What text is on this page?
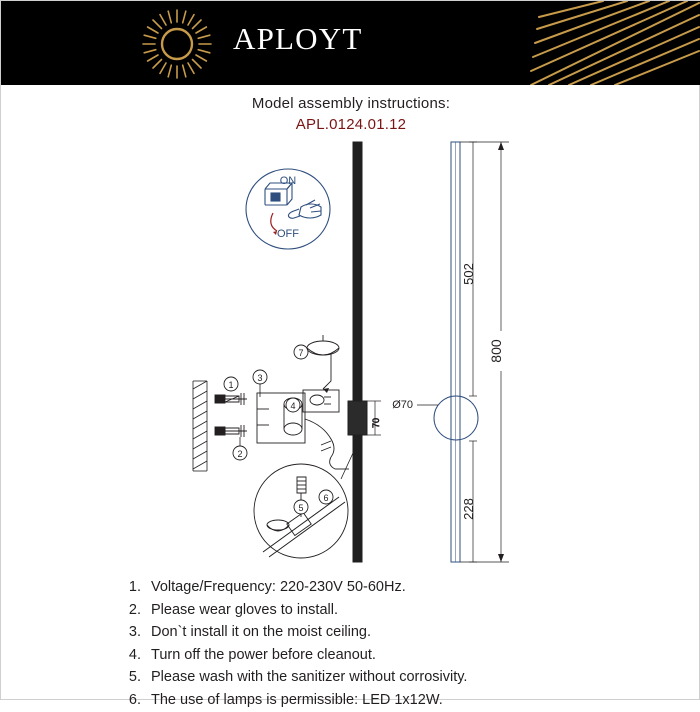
APLOYT
Model assembly instructions:
APL.0124.01.12
ON
OFF
1
2
3
4
7
5
6
70
Ø70
502
228
800
1. Voltage/Frequency: 220-230V 50-60Hz.
2. Please wear gloves to install.
3. Don`t install it on the moist ceiling.
4. Turn off the power before cleanout.
5. Please wash with the sanitizer without corrosivity.
6. The use of lamps is permissible: LED 1x12W.
